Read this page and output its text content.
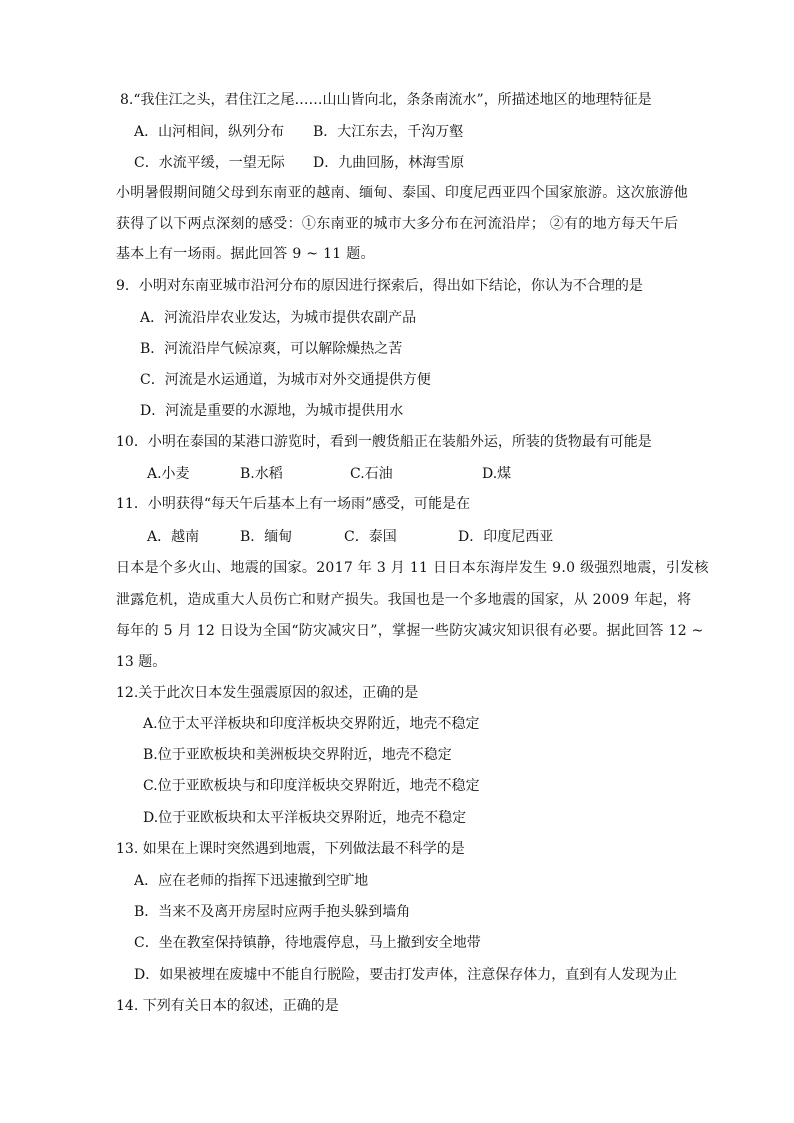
8.“我住江之头，君住江之尾……山山皆向北，条条南流水”，所描述地区的地理特征是
A．山河相间，纵列分布 B．大江东去，千沟万壑
C．水流平缓，一望无际 D．九曲回肠，林海雪原
小明暑假期间随父母到东南亚的越南、缅甸、泰国、印度尼西亚四个国家旅游。这次旅游他
获得了以下两点深刻的感受：①东南亚的城市大多分布在河流沿岸； ②有的地方每天午后
基本上有一场雨。据此回答 9 ~ 11 题。
9．小明对东南亚城市沿河分布的原因进行探索后，得出如下结论，你认为不合理的是
A．河流沿岸农业发达，为城市提供农副产品
B．河流沿岸气候凉爽，可以解除燥热之苦
C．河流是水运通道，为城市对外交通提供方便
D．河流是重要的水源地，为城市提供用水
10．小明在泰国的某港口游览时，看到一艘货船正在装船外运，所装的货物最有可能是
A.小麦	B.水稻	C.石油	D.煤
11．小明获得“每天午后基本上有一场雨”感受，可能是在
A．越南	B．缅甸	C．泰国	D．印度尼西亚
日本是个多火山、地震的国家。2017 年 3 月 11 日日本东海岸发生 9.0 级强烈地震，引发核
泄露危机，造成重大人员伤亡和财产损失。我国也是一个多地震的国家，从 2009 年起，将
每年的 5 月 12 日设为全国“防灾减灾日”，掌握一些防灾减灾知识很有必要。据此回答 12 ~
13 题。
12.关于此次日本发生强震原因的叙述，正确的是
A.位于太平洋板块和印度洋板块交界附近，地壳不稳定
B.位于亚欧板块和美洲板块交界附近，地壳不稳定
C.位于亚欧板块与和印度洋板块交界附近，地壳不稳定
D.位于亚欧板块和太平洋板块交界附近，地壳不稳定
13. 如果在上课时突然遇到地震，下列做法最不科学的是
A．应在老师的指挥下迅速撤到空旷地
B．当来不及离开房屋时应两手抱头躲到墙角
C．坐在教室保持镇静，待地震停息，马上撤到安全地带
D．如果被埋在废墟中不能自行脱险，要击打发声体，注意保存体力，直到有人发现为止
14. 下列有关日本的叙述，正确的是
